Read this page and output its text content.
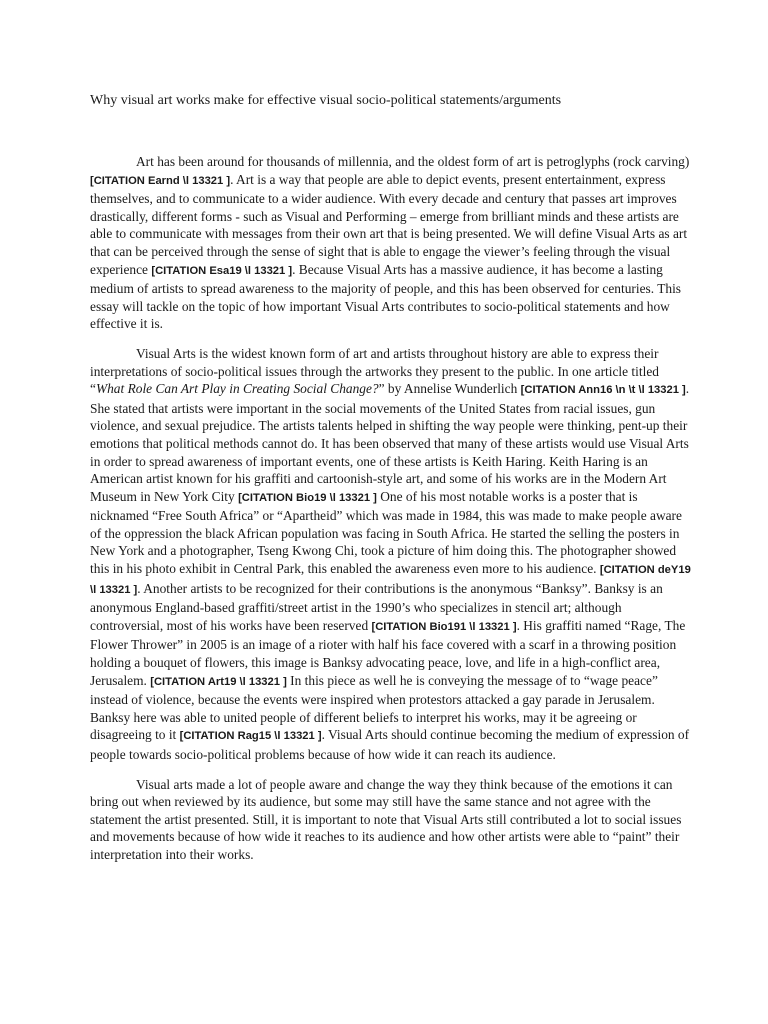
Why visual art works make for effective visual socio-political statements/arguments

Art has been around for thousands of millennia, and the oldest form of art is petroglyphs (rock carving) [CITATION Earnd \l 13321 ]. Art is a way that people are able to depict events, present entertainment, express themselves, and to communicate to a wider audience. With every decade and century that passes art improves drastically, different forms - such as Visual and Performing – emerge from brilliant minds and these artists are able to communicate with messages from their own art that is being presented. We will define Visual Arts as art that can be perceived through the sense of sight that is able to engage the viewer’s feeling through the visual experience [CITATION Esa19 \l 13321 ]. Because Visual Arts has a massive audience, it has become a lasting medium of artists to spread awareness to the majority of people, and this has been observed for centuries. This essay will tackle on the topic of how important Visual Arts contributes to socio-political statements and how effective it is.

Visual Arts is the widest known form of art and artists throughout history are able to express their interpretations of socio-political issues through the artworks they present to the public. In one article titled “What Role Can Art Play in Creating Social Change?” by Annelise Wunderlich [CITATION Ann16 \n \t \l 13321 ]. She stated that artists were important in the social movements of the United States from racial issues, gun violence, and sexual prejudice. The artists talents helped in shifting the way people were thinking, pent-up their emotions that political methods cannot do. It has been observed that many of these artists would use Visual Arts in order to spread awareness of important events, one of these artists is Keith Haring. Keith Haring is an American artist known for his graffiti and cartoonish-style art, and some of his works are in the Modern Art Museum in New York City [CITATION Bio19 \l 13321 ] One of his most notable works is a poster that is nicknamed “Free South Africa” or “Apartheid” which was made in 1984, this was made to make people aware of the oppression the black African population was facing in South Africa. He started the selling the posters in New York and a photographer, Tseng Kwong Chi, took a picture of him doing this. The photographer showed this in his photo exhibit in Central Park, this enabled the awareness even more to his audience. [CITATION deY19 \l 13321 ]. Another artists to be recognized for their contributions is the anonymous “Banksy”. Banksy is an anonymous England-based graffiti/street artist in the 1990’s who specializes in stencil art; although controversial, most of his works have been reserved [CITATION Bio191 \l 13321 ]. His graffiti named “Rage, The Flower Thrower” in 2005 is an image of a rioter with half his face covered with a scarf in a throwing position holding a bouquet of flowers, this image is Banksy advocating peace, love, and life in a high-conflict area, Jerusalem. [CITATION Art19 \l 13321 ] In this piece as well he is conveying the message of to “wage peace” instead of violence, because the events were inspired when protestors attacked a gay parade in Jerusalem. Banksy here was able to united people of different beliefs to interpret his works, may it be agreeing or disagreeing to it [CITATION Rag15 \l 13321 ]. Visual Arts should continue becoming the medium of expression of people towards socio-political problems because of how wide it can reach its audience.

Visual arts made a lot of people aware and change the way they think because of the emotions it can bring out when reviewed by its audience, but some may still have the same stance and not agree with the statement the artist presented. Still, it is important to note that Visual Arts still contributed a lot to social issues and movements because of how wide it reaches to its audience and how other artists were able to “paint” their interpretation into their works.
